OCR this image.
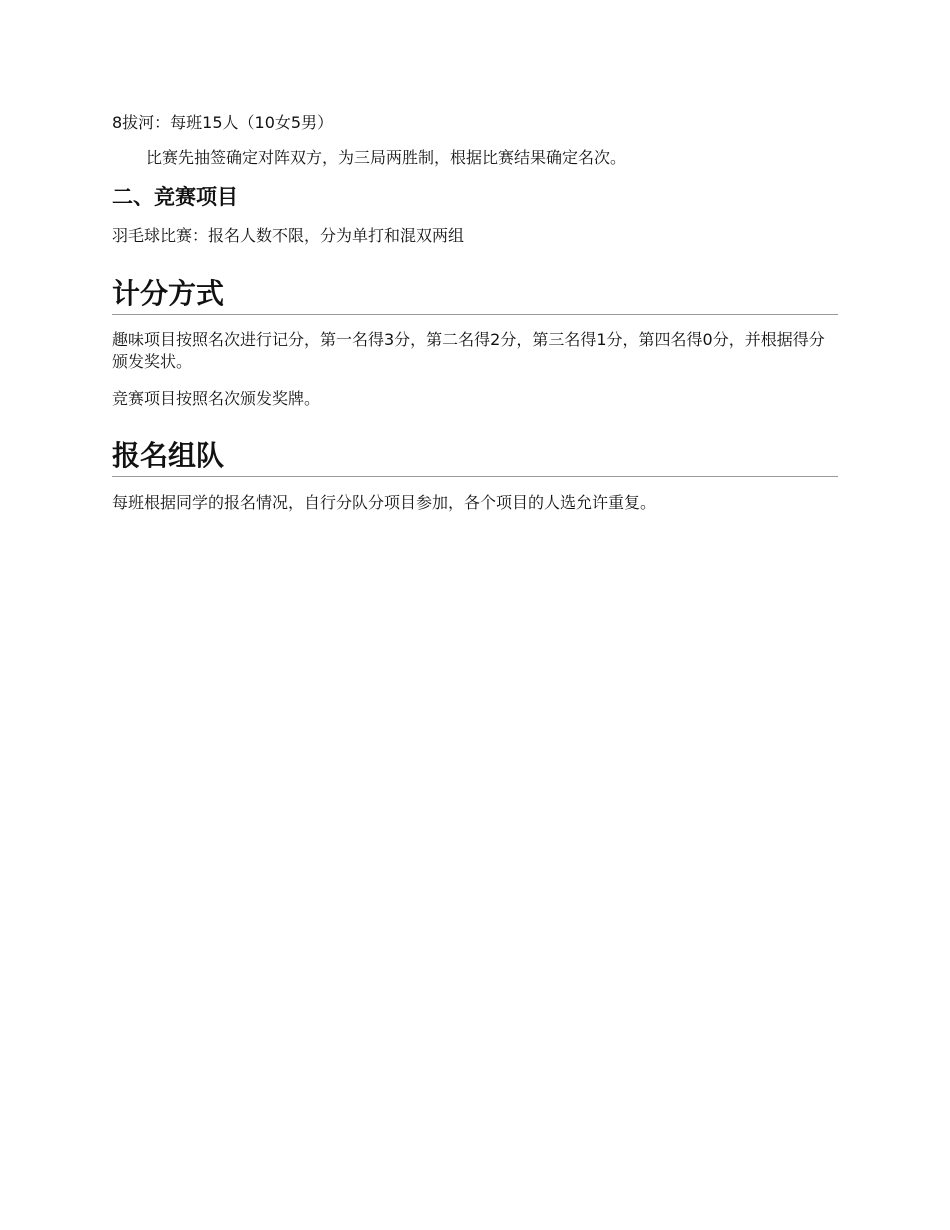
8拔河：每班15人（10女5男）

比赛先抽签确定对阵双方，为三局两胜制，根据比赛结果确定名次。

二、竞赛项目

羽毛球比赛：报名人数不限，分为单打和混双两组

计分方式

趣味项目按照名次进行记分，第一名得3分，第二名得2分，第三名得1分，第四名得0分，并根据得分颁发奖状。

竞赛项目按照名次颁发奖牌。

报名组队

每班根据同学的报名情况，自行分队分项目参加，各个项目的人选允许重复。
